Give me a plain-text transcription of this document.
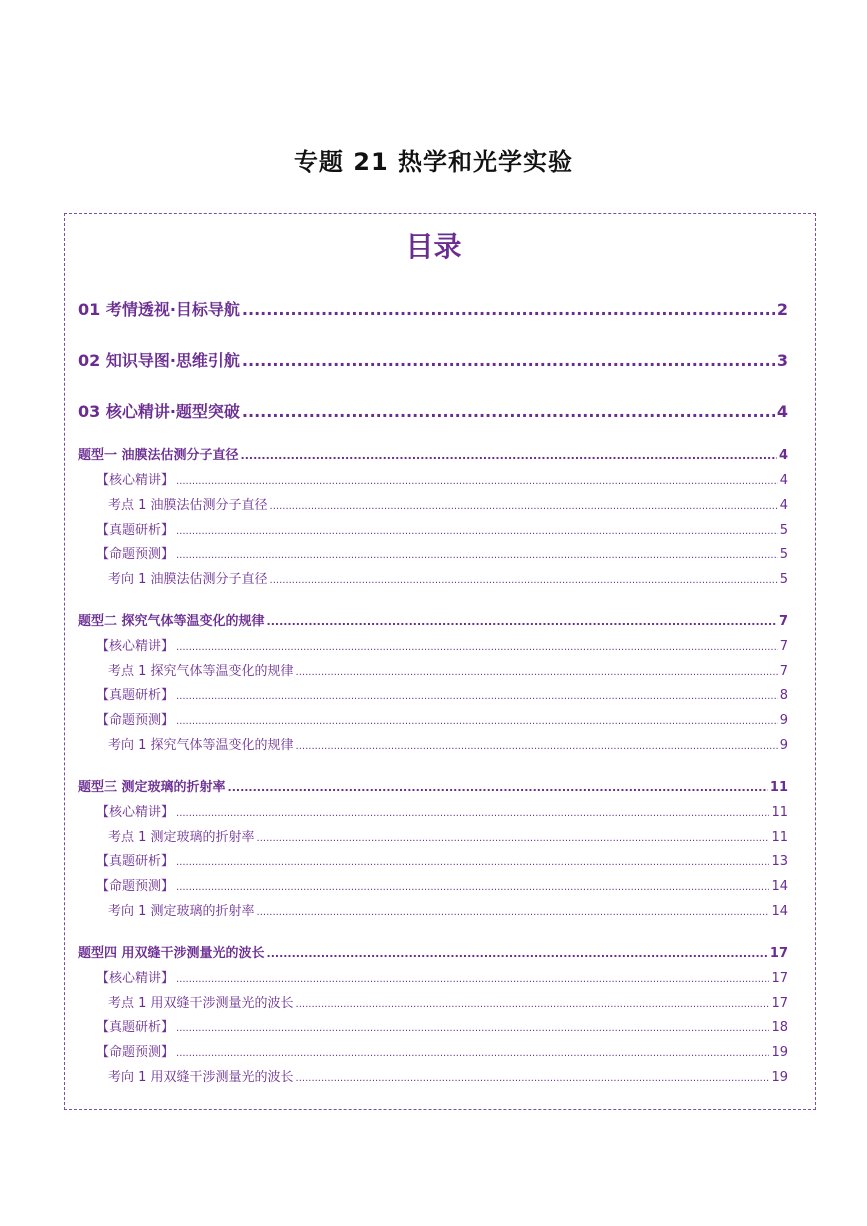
专题 21 热学和光学实验
目录
01 考情透视·目标导航 .....	2
02 知识导图·思维引航 .....	3
03 核心精讲·题型突破 .....	4
题型一 油膜法估测分子直径 .....	4
【核心精讲】 .....	4
考点 1 油膜法估测分子直径 .....	4
【真题研析】 .....	5
【命题预测】 .....	5
考向 1 油膜法估测分子直径 .....	5
题型二 探究气体等温变化的规律 .....	7
【核心精讲】 .....	7
考点 1 探究气体等温变化的规律 .....	7
【真题研析】 .....	8
【命题预测】 .....	9
考向 1 探究气体等温变化的规律 .....	9
题型三 测定玻璃的折射率 .....	11
【核心精讲】 .....	11
考点 1 测定玻璃的折射率 .....	11
【真题研析】 .....	13
【命题预测】 .....	14
考向 1 测定玻璃的折射率 .....	14
题型四 用双缝干涉测量光的波长 .....	17
【核心精讲】 .....	17
考点 1 用双缝干涉测量光的波长 .....	17
【真题研析】 .....	18
【命题预测】 .....	19
考向 1 用双缝干涉测量光的波长 .....	19
